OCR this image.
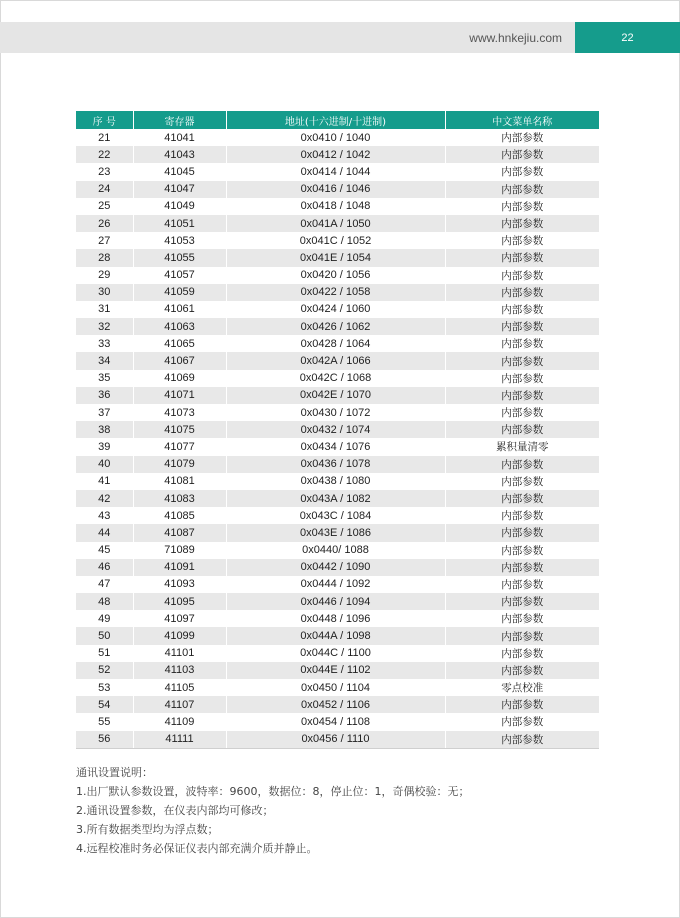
www.hnkejiu.com	22
序 号	寄存器	地址(十六进制/十进制)	中文菜单名称
21	41041	0x0410 / 1040	内部参数
22	41043	0x0412 / 1042	内部参数
23	41045	0x0414 / 1044	内部参数
24	41047	0x0416 / 1046	内部参数
25	41049	0x0418 / 1048	内部参数
26	41051	0x041A / 1050	内部参数
27	41053	0x041C / 1052	内部参数
28	41055	0x041E / 1054	内部参数
29	41057	0x0420 / 1056	内部参数
30	41059	0x0422 / 1058	内部参数
31	41061	0x0424 / 1060	内部参数
32	41063	0x0426 / 1062	内部参数
33	41065	0x0428 / 1064	内部参数
34	41067	0x042A / 1066	内部参数
35	41069	0x042C / 1068	内部参数
36	41071	0x042E / 1070	内部参数
37	41073	0x0430 / 1072	内部参数
38	41075	0x0432 / 1074	内部参数
39	41077	0x0434 / 1076	累积量清零
40	41079	0x0436 / 1078	内部参数
41	41081	0x0438 / 1080	内部参数
42	41083	0x043A / 1082	内部参数
43	41085	0x043C / 1084	内部参数
44	41087	0x043E / 1086	内部参数
45	71089	0x0440/ 1088	内部参数
46	41091	0x0442 / 1090	内部参数
47	41093	0x0444 / 1092	内部参数
48	41095	0x0446 / 1094	内部参数
49	41097	0x0448 / 1096	内部参数
50	41099	0x044A / 1098	内部参数
51	41101	0x044C / 1100	内部参数
52	41103	0x044E / 1102	内部参数
53	41105	0x0450 / 1104	零点校准
54	41107	0x0452 / 1106	内部参数
55	41109	0x0454 / 1108	内部参数
56	41111	0x0456 / 1110	内部参数
通讯设置说明：
1.出厂默认参数设置，波特率：9600，数据位：8，停止位：1，奇偶校验：无；
2.通讯设置参数，在仪表内部均可修改；
3.所有数据类型均为浮点数；
4.远程校准时务必保证仪表内部充满介质并静止。
